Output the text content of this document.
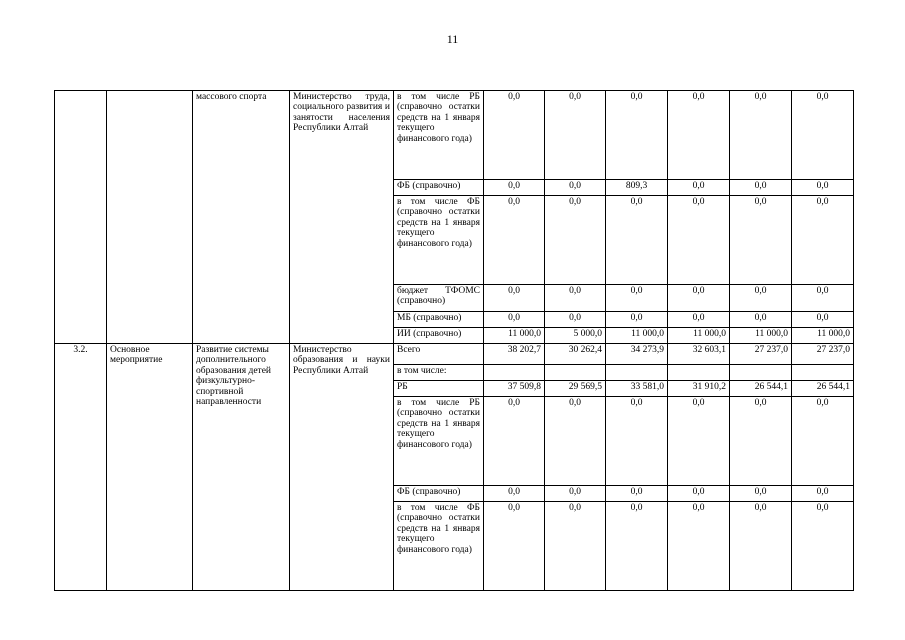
11
		массового спорта	Министерство труда, социального развития и занятости населения Республики Алтай	в том числе РБ (справочно остатки средств на 1 января текущего финансового года)	0,0	0,0	0,0	0,0	0,0	0,0
				ФБ (справочно)	0,0	0,0	809,3	0,0	0,0	0,0
				в том числе ФБ (справочно остатки средств на 1 января текущего финансового года)	0,0	0,0	0,0	0,0	0,0	0,0
				бюджет ТФОМС (справочно)	0,0	0,0	0,0	0,0	0,0	0,0
				МБ (справочно)	0,0	0,0	0,0	0,0	0,0	0,0
				ИИ (справочно)	11 000,0	5 000,0	11 000,0	11 000,0	11 000,0	11 000,0
3.2.	Основное мероприятие	Развитие системы дополнительного образования детей физкультурно-спортивной направленности	Министерство образования и науки Республики Алтай	Всего	38 202,7	30 262,4	34 273,9	32 603,1	27 237,0	27 237,0
				в том числе:						
				РБ	37 509,8	29 569,5	33 581,0	31 910,2	26 544,1	26 544,1
				в том числе РБ (справочно остатки средств на 1 января текущего финансового года)	0,0	0,0	0,0	0,0	0,0	0,0
				ФБ (справочно)	0,0	0,0	0,0	0,0	0,0	0,0
				в том числе ФБ (справочно остатки средств на 1 января текущего финансового года)	0,0	0,0	0,0	0,0	0,0	0,0
